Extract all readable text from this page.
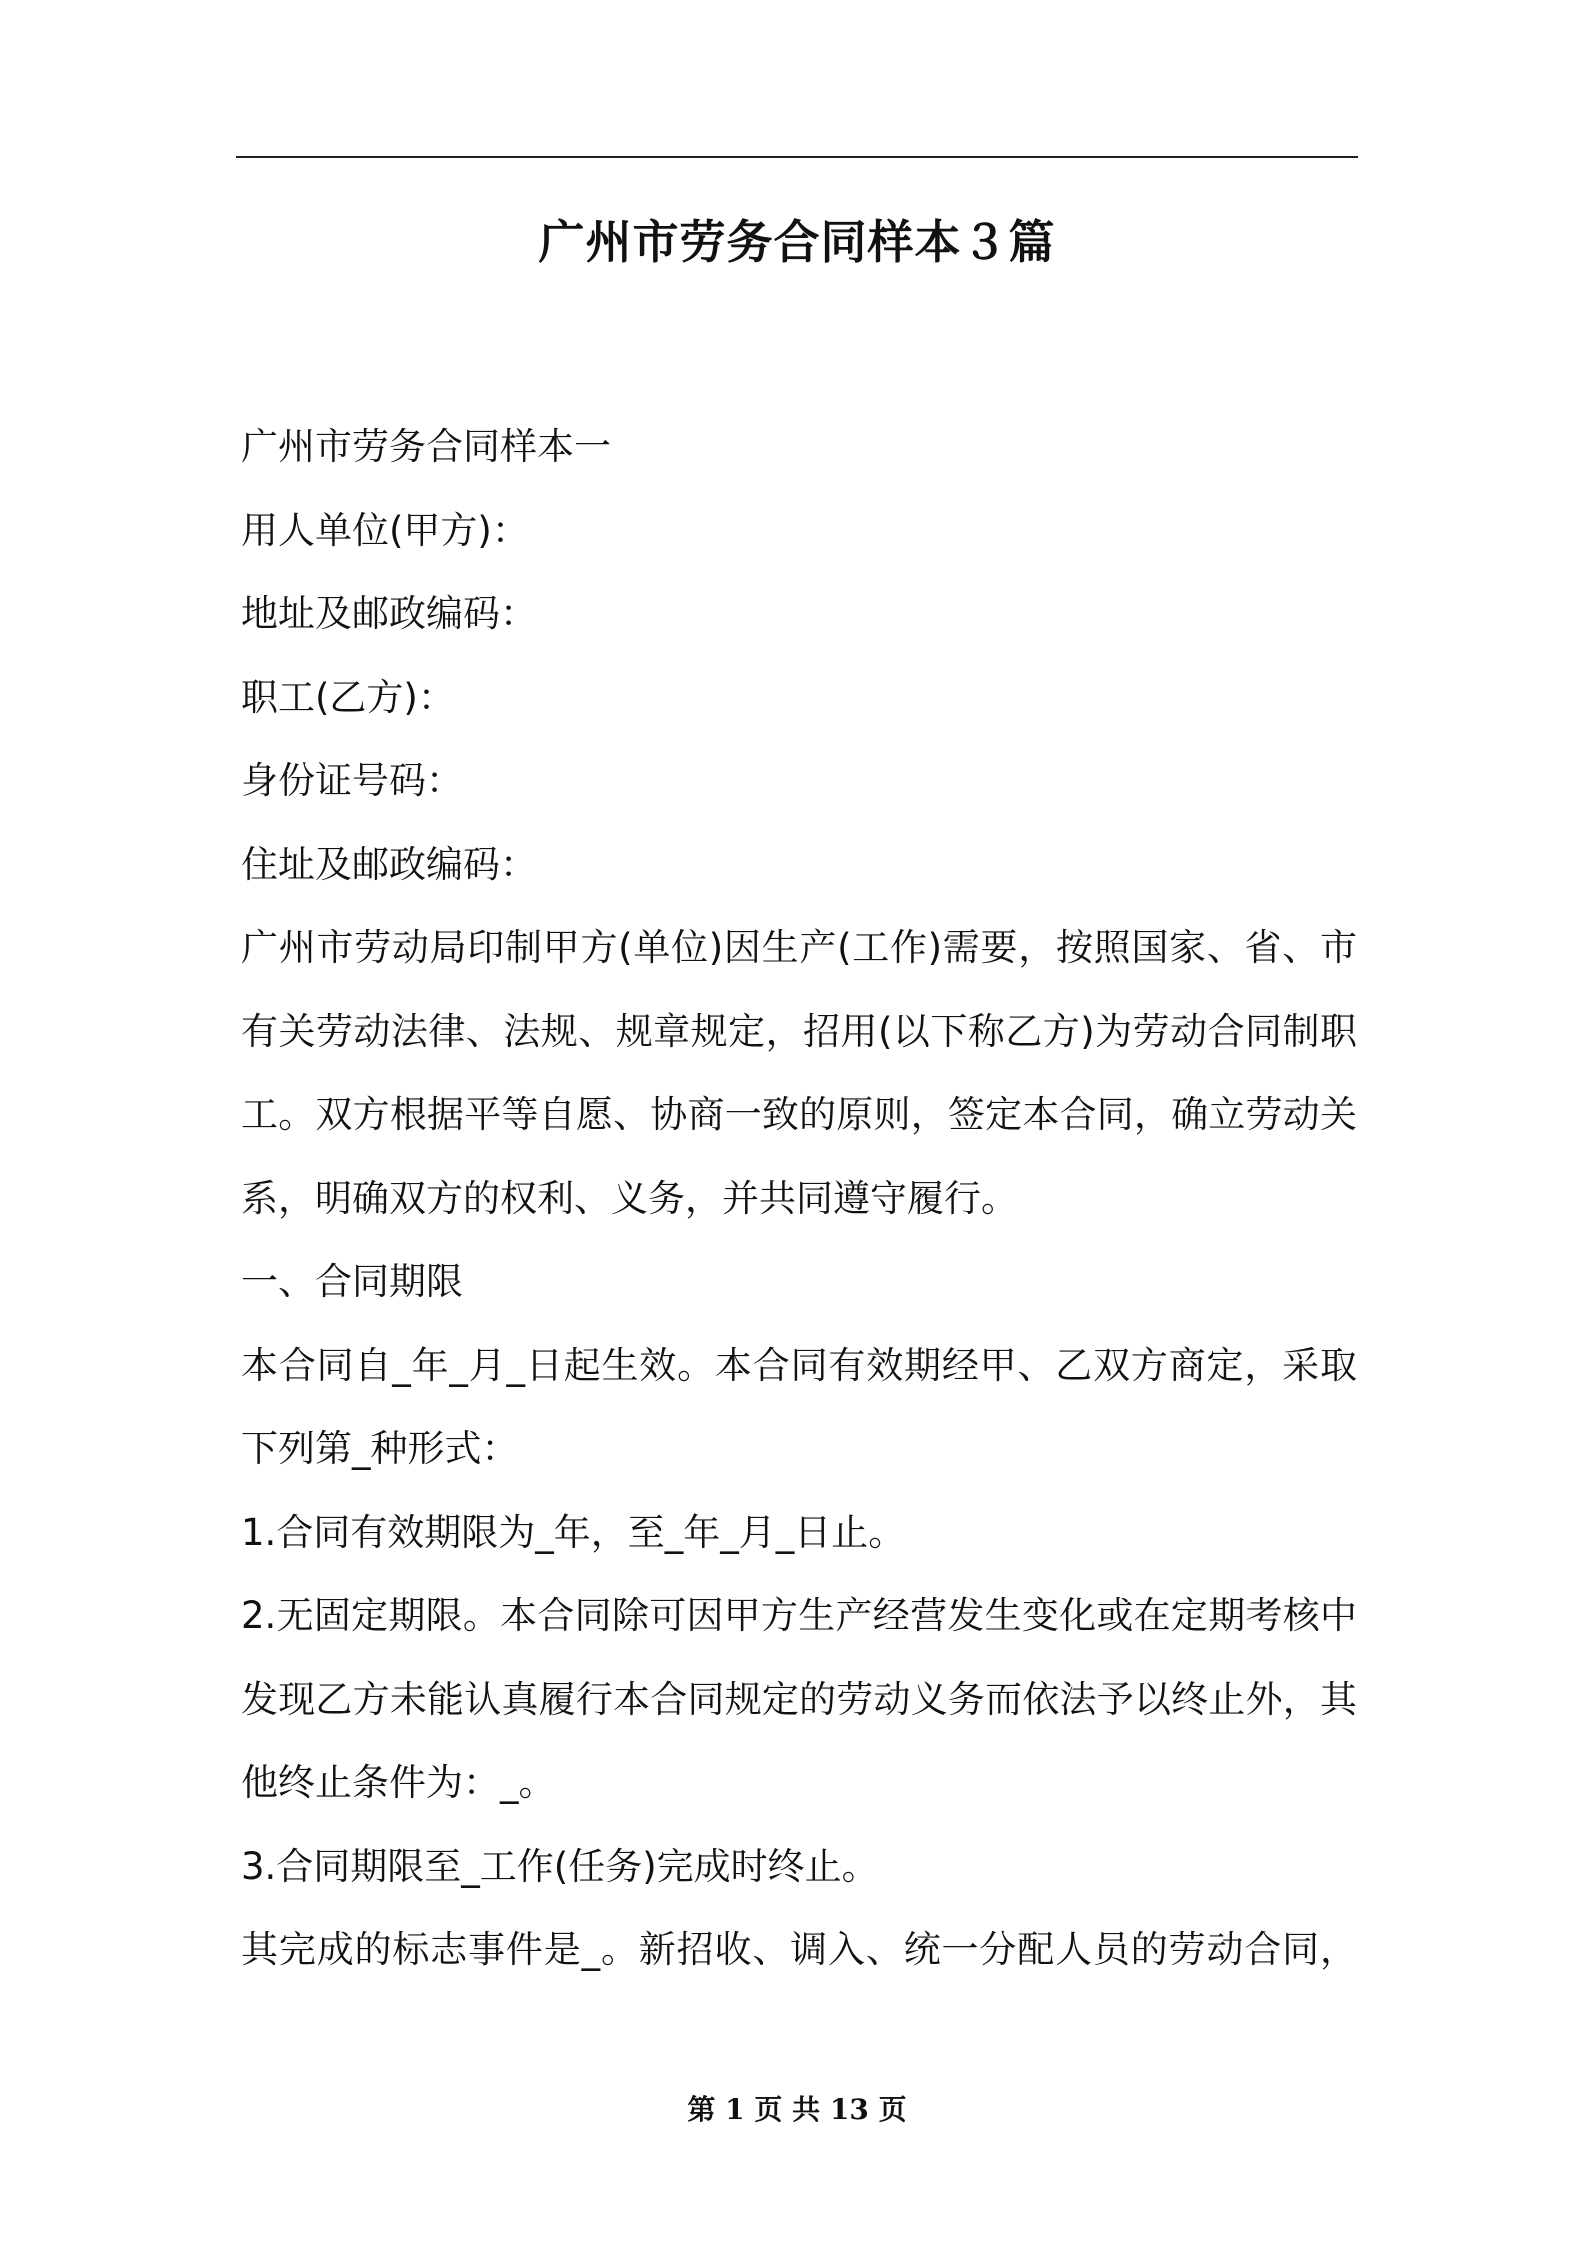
广州市劳务合同样本３篇
广州市劳务合同样本一
用人单位(甲方)：
地址及邮政编码：
职工(乙方)：
身份证号码：
住址及邮政编码：
广州市劳动局印制甲方(单位)因生产(工作)需要，按照国家、省、市
有关劳动法律、法规、规章规定，招用(以下称乙方)为劳动合同制职
工。双方根据平等自愿、协商一致的原则，签定本合同，确立劳动关
系，明确双方的权利、义务，并共同遵守履行。
一、合同期限
本合同自_年_月_日起生效。本合同有效期经甲、乙双方商定，采取
下列第_种形式：
1.合同有效期限为_年，至_年_月_日止。
2.无固定期限。本合同除可因甲方生产经营发生变化或在定期考核中
发现乙方未能认真履行本合同规定的劳动义务而依法予以终止外，其
他终止条件为：_。
3.合同期限至_工作(任务)完成时终止。
其完成的标志事件是_。新招收、调入、统一分配人员的劳动合同，
第 1 页 共 13 页
